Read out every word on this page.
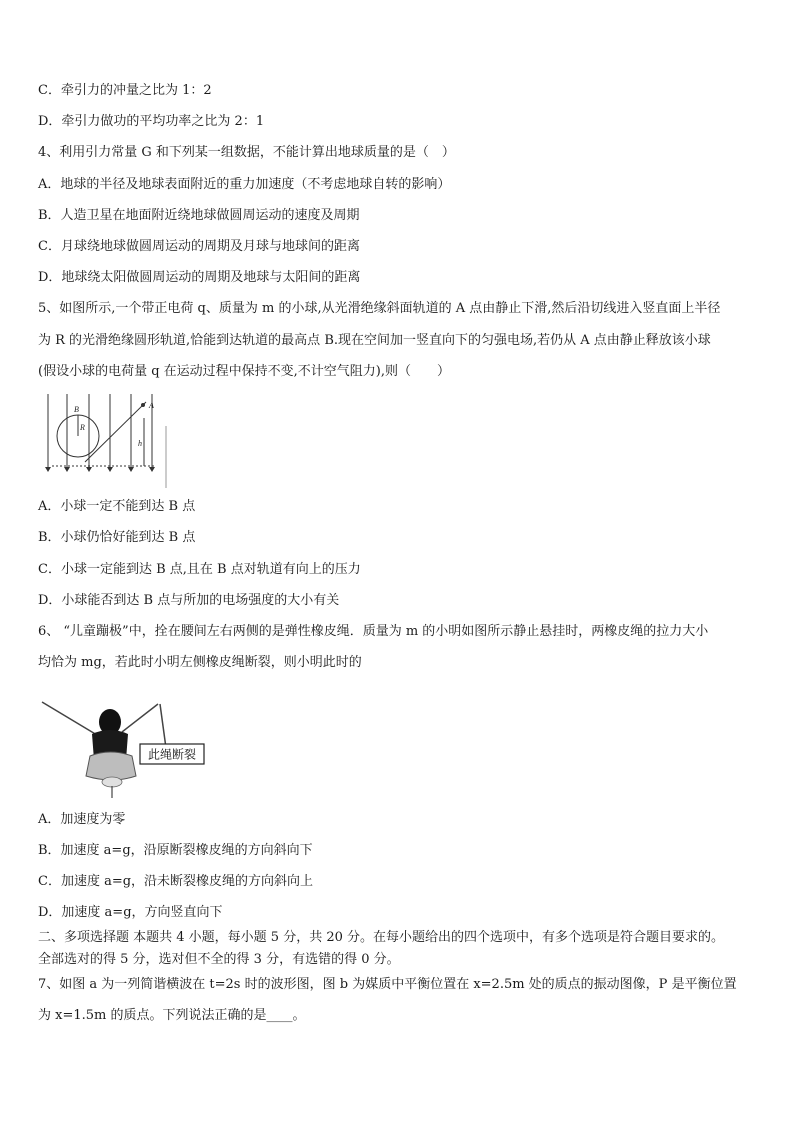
C．牵引力的冲量之比为 1：2
D．牵引力做功的平均功率之比为 2：1
4、利用引力常量 G 和下列某一组数据，不能计算出地球质量的是（　）
A．地球的半径及地球表面附近的重力加速度（不考虑地球自转的影响）
B．人造卫星在地面附近绕地球做圆周运动的速度及周期
C．月球绕地球做圆周运动的周期及月球与地球间的距离
D．地球绕太阳做圆周运动的周期及地球与太阳间的距离
5、如图所示,一个带正电荷 q、质量为 m 的小球,从光滑绝缘斜面轨道的 A 点由静止下滑,然后沿切线进入竖直面上半径
为 R 的光滑绝缘圆形轨道,恰能到达轨道的最高点 B.现在空间加一竖直向下的匀强电场,若仍从 A 点由静止释放该小球
(假设小球的电荷量 q 在运动过程中保持不变,不计空气阻力),则（　　）
B
R
A
h
A．小球一定不能到达 B 点
B．小球仍恰好能到达 B 点
C．小球一定能到达 B 点,且在 B 点对轨道有向上的压力
D．小球能否到达 B 点与所加的电场强度的大小有关
6、 “儿童蹦极”中，拴在腰间左右两侧的是弹性橡皮绳．质量为 m 的小明如图所示静止悬挂时，两橡皮绳的拉力大小
均恰为 mg，若此时小明左侧橡皮绳断裂，则小明此时的
此绳断裂
A．加速度为零
B．加速度 a=g，沿原断裂橡皮绳的方向斜向下
C．加速度 a=g，沿未断裂橡皮绳的方向斜向上
D．加速度 a=g，方向竖直向下
二、多项选择题 本题共 4 小题，每小题 5 分，共 20 分。在每小题给出的四个选项中，有多个选项是符合题目要求的。
全部选对的得 5 分，选对但不全的得 3 分，有选错的得 0 分。
7、如图 a 为一列简谐横波在 t=2s 时的波形图，图 b 为媒质中平衡位置在 x=2.5m 处的质点的振动图像，P 是平衡位置
为 x=1.5m 的质点。下列说法正确的是____。
